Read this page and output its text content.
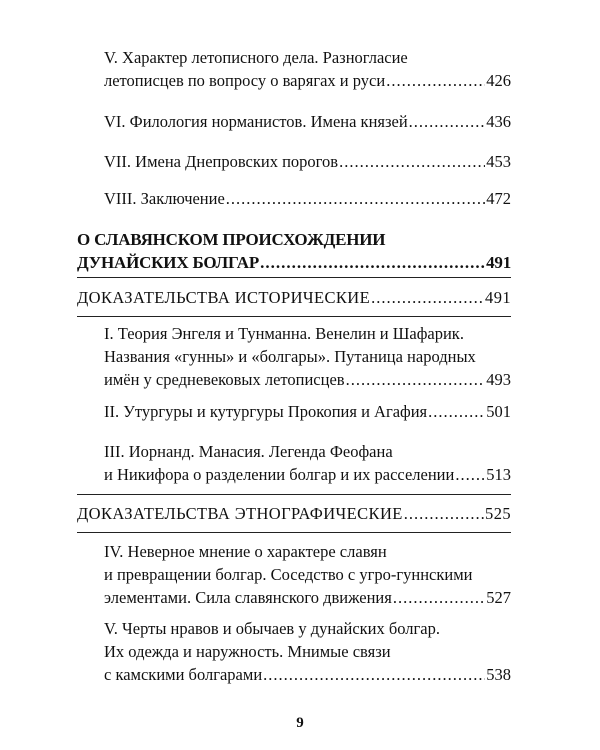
V. Характер летописного дела. Разногласие
летописцев по вопросу о варягах и руси .....	426
VI. Филология норманистов. Имена князей .....	436
VII. Имена Днепровских порогов .....	453
VIII. Заключение .....	472
О СЛАВЯНСКОМ ПРОИСХОЖДЕНИИ
ДУНАЙСКИХ БОЛГАР .....	491
ДОКАЗАТЕЛЬСТВА ИСТОРИЧЕСКИЕ .....	491
I. Теория Энгеля и Тунманна. Венелин и Шафарик.
Названия «гунны» и «болгары». Путаница народных
имён у средневековых летописцев .....	493
II. Утургуры и кутургуры Прокопия и Агафия .....	501
III. Иорнанд. Манасия. Легенда Феофана
и Никифора о разделении болгар и их расселении ..... 513
ДОКАЗАТЕЛЬСТВА ЭТНОГРАФИЧЕСКИЕ .....	525
IV. Неверное мнение о характере славян
и превращении болгар. Соседство с угро-гуннскими
элементами. Сила славянского движения .....	527
V. Черты нравов и обычаев у дунайских болгар.
Их одежда и наружность. Мнимые связи
с камскими болгарами .....	538
9
